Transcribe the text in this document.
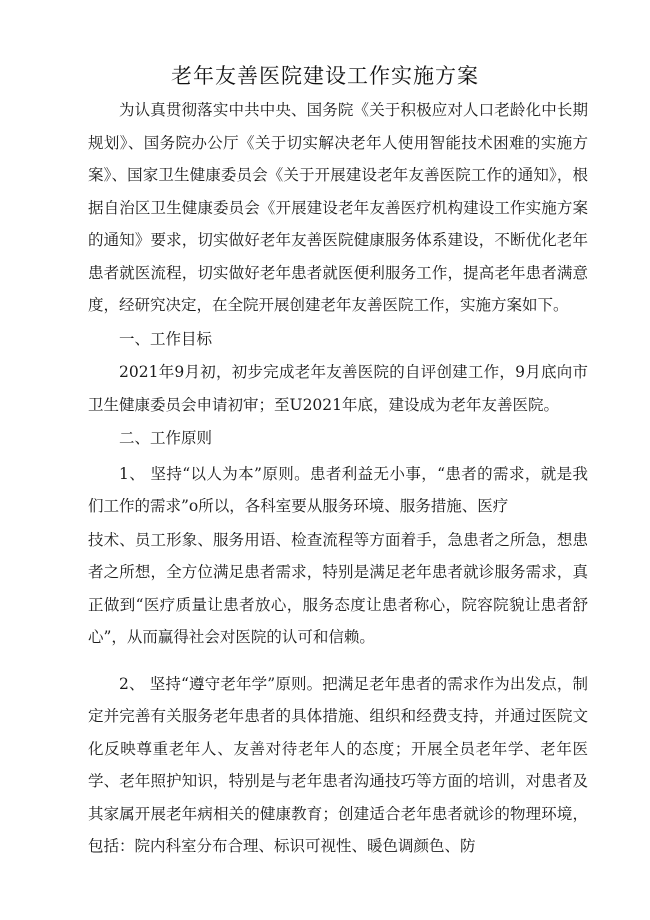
老年友善医院建设工作实施方案

为认真贯彻落实中共中央、国务院《关于积极应对人口老龄化中长期规划》、国务院办公厅《关于切实解决老年人使用智能技术困难的实施方案》、国家卫生健康委员会《关于开展建设老年友善医院工作的通知》，根据自治区卫生健康委员会《开展建设老年友善医疗机构建设工作实施方案的通知》要求，切实做好老年友善医院健康服务体系建设，不断优化老年患者就医流程，切实做好老年患者就医便利服务工作，提高老年患者满意度，经研究决定，在全院开展创建老年友善医院工作，实施方案如下。

一、工作目标

2021年9月初，初步完成老年友善医院的自评创建工作，9月底向市卫生健康委员会申请初审；至U2021年底，建设成为老年友善医院。

二、工作原则

1、 坚持“以人为本”原则。患者利益无小事，“患者的需求，就是我们工作的需求”o所以，各科室要从服务环境、服务措施、医疗

技术、员工形象、服务用语、检查流程等方面着手，急患者之所急，想患者之所想，全方位满足患者需求，特别是满足老年患者就诊服务需求，真正做到“医疗质量让患者放心，服务态度让患者称心，院容院貌让患者舒心”，从而赢得社会对医院的认可和信赖。

2、 坚持“遵守老年学”原则。把满足老年患者的需求作为出发点，制定并完善有关服务老年患者的具体措施、组织和经费支持，并通过医院文化反映尊重老年人、友善对待老年人的态度；开展全员老年学、老年医学、老年照护知识，特别是与老年患者沟通技巧等方面的培训，对患者及其家属开展老年病相关的健康教育；创建适合老年患者就诊的物理环境，包括：院内科室分布合理、标识可视性、暖色调颜色、防
